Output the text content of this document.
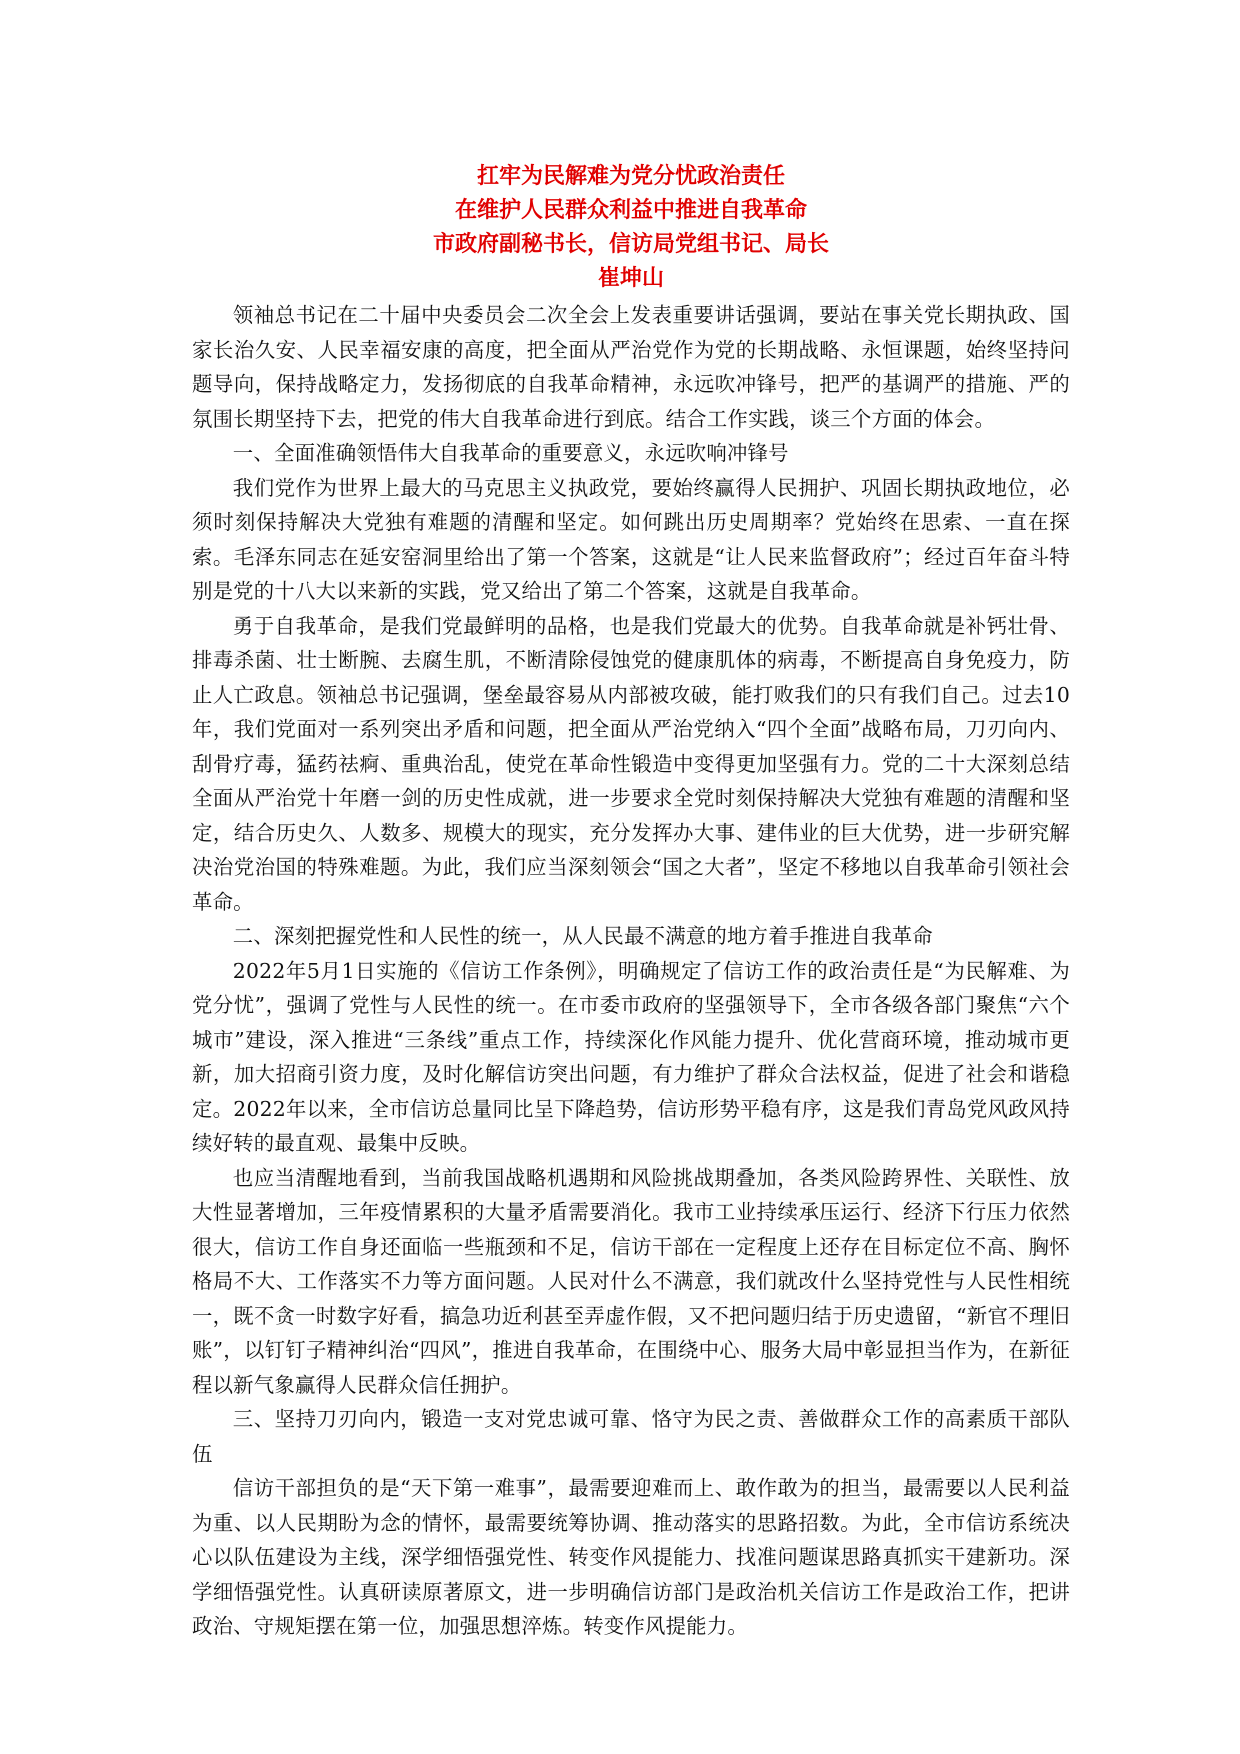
扛牢为民解难为党分忧政治责任
在维护人民群众利益中推进自我革命
市政府副秘书长，信访局党组书记、局长
崔坤山

领袖总书记在二十届中央委员会二次全会上发表重要讲话强调，要站在事关党长期执政、国家长治久安、人民幸福安康的高度，把全面从严治党作为党的长期战略、永恒课题，始终坚持问题导向，保持战略定力，发扬彻底的自我革命精神，永远吹冲锋号，把严的基调严的措施、严的氛围长期坚持下去，把党的伟大自我革命进行到底。结合工作实践，谈三个方面的体会。

一、全面准确领悟伟大自我革命的重要意义，永远吹响冲锋号

我们党作为世界上最大的马克思主义执政党，要始终赢得人民拥护、巩固长期执政地位，必须时刻保持解决大党独有难题的清醒和坚定。如何跳出历史周期率？党始终在思索、一直在探索。毛泽东同志在延安窑洞里给出了第一个答案，这就是“让人民来监督政府”；经过百年奋斗特别是党的十八大以来新的实践，党又给出了第二个答案，这就是自我革命。

勇于自我革命，是我们党最鲜明的品格，也是我们党最大的优势。自我革命就是补钙壮骨、排毒杀菌、壮士断腕、去腐生肌，不断清除侵蚀党的健康肌体的病毒，不断提高自身免疫力，防止人亡政息。领袖总书记强调，堡垒最容易从内部被攻破，能打败我们的只有我们自己。过去10年，我们党面对一系列突出矛盾和问题，把全面从严治党纳入“四个全面”战略布局，刀刃向内、刮骨疗毒，猛药祛痾、重典治乱，使党在革命性锻造中变得更加坚强有力。党的二十大深刻总结全面从严治党十年磨一剑的历史性成就，进一步要求全党时刻保持解决大党独有难题的清醒和坚定，结合历史久、人数多、规模大的现实，充分发挥办大事、建伟业的巨大优势，进一步研究解决治党治国的特殊难题。为此，我们应当深刻领会“国之大者”，坚定不移地以自我革命引领社会革命。

二、深刻把握党性和人民性的统一，从人民最不满意的地方着手推进自我革命

2022年5月1日实施的《信访工作条例》，明确规定了信访工作的政治责任是“为民解难、为党分忧”，强调了党性与人民性的统一。在市委市政府的坚强领导下，全市各级各部门聚焦“六个城市”建设，深入推进“三条线”重点工作，持续深化作风能力提升、优化营商环境，推动城市更新，加大招商引资力度，及时化解信访突出问题，有力维护了群众合法权益，促进了社会和谐稳定。2022年以来，全市信访总量同比呈下降趋势，信访形势平稳有序，这是我们青岛党风政风持续好转的最直观、最集中反映。

也应当清醒地看到，当前我国战略机遇期和风险挑战期叠加，各类风险跨界性、关联性、放大性显著增加，三年疫情累积的大量矛盾需要消化。我市工业持续承压运行、经济下行压力依然很大，信访工作自身还面临一些瓶颈和不足，信访干部在一定程度上还存在目标定位不高、胸怀格局不大、工作落实不力等方面问题。人民对什么不满意，我们就改什么坚持党性与人民性相统一，既不贪一时数字好看，搞急功近利甚至弄虚作假，又不把问题归结于历史遗留，“新官不理旧账”，以钉钉子精神纠治“四风”，推进自我革命，在围绕中心、服务大局中彰显担当作为，在新征程以新气象赢得人民群众信任拥护。

三、坚持刀刃向内，锻造一支对党忠诚可靠、恪守为民之责、善做群众工作的高素质干部队伍

信访干部担负的是“天下第一难事”，最需要迎难而上、敢作敢为的担当，最需要以人民利益为重、以人民期盼为念的情怀，最需要统筹协调、推动落实的思路招数。为此，全市信访系统决心以队伍建设为主线，深学细悟强党性、转变作风提能力、找准问题谋思路真抓实干建新功。深学细悟强党性。认真研读原著原文，进一步明确信访部门是政治机关信访工作是政治工作，把讲政治、守规矩摆在第一位，加强思想淬炼。转变作风提能力。
